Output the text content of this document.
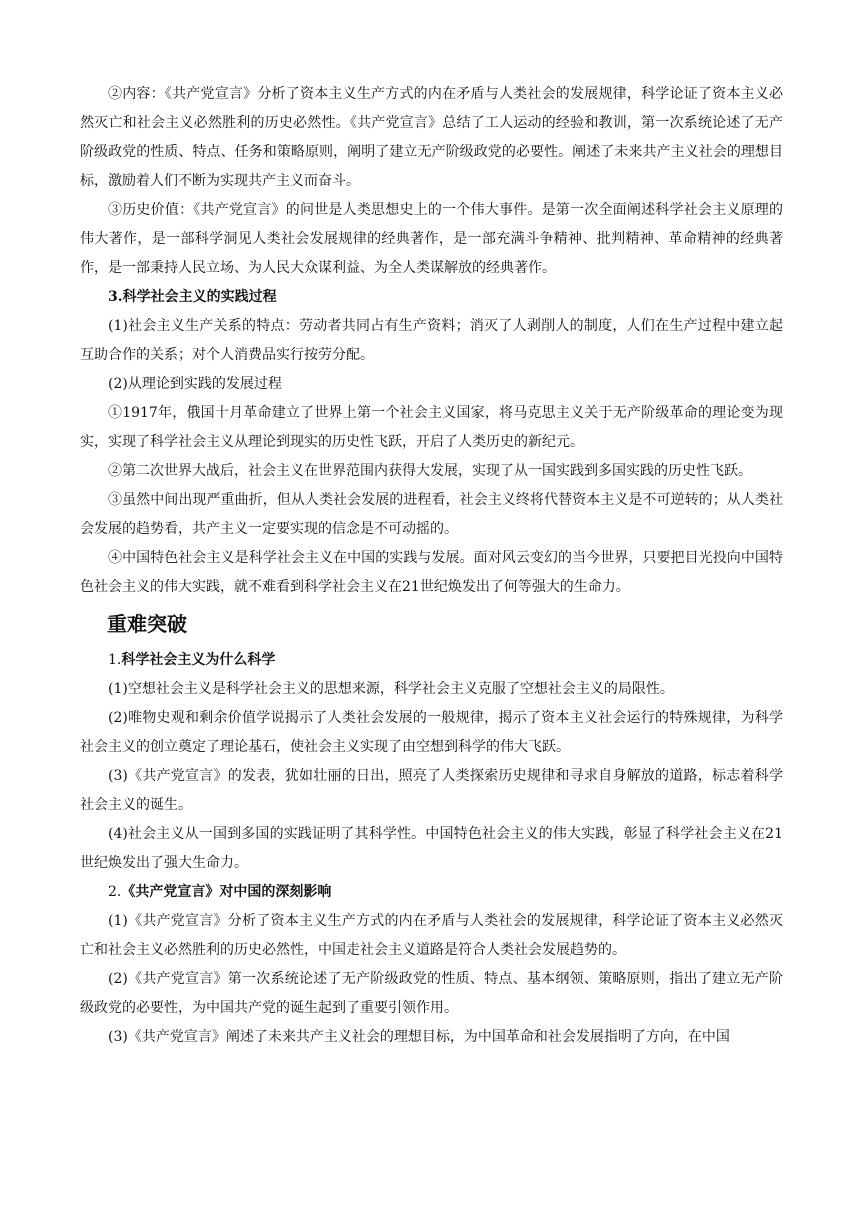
②内容：《共产党宣言》分析了资本主义生产方式的内在矛盾与人类社会的发展规律，科学论证了资本主义必然灭亡和社会主义必然胜利的历史必然性。《共产党宣言》总结了工人运动的经验和教训，第一次系统论述了无产阶级政党的性质、特点、任务和策略原则，阐明了建立无产阶级政党的必要性。阐述了未来共产主义社会的理想目标，激励着人们不断为实现共产主义而奋斗。

③历史价值：《共产党宣言》的问世是人类思想史上的一个伟大事件。是第一次全面阐述科学社会主义原理的伟大著作，是一部科学洞见人类社会发展规律的经典著作，是一部充满斗争精神、批判精神、革命精神的经典著作，是一部秉持人民立场、为人民大众谋利益、为全人类谋解放的经典著作。

3.科学社会主义的实践过程

(1)社会主义生产关系的特点：劳动者共同占有生产资料；消灭了人剥削人的制度，人们在生产过程中建立起互助合作的关系；对个人消费品实行按劳分配。

(2)从理论到实践的发展过程

①1917年，俄国十月革命建立了世界上第一个社会主义国家，将马克思主义关于无产阶级革命的理论变为现实，实现了科学社会主义从理论到现实的历史性飞跃，开启了人类历史的新纪元。

②第二次世界大战后，社会主义在世界范围内获得大发展，实现了从一国实践到多国实践的历史性飞跃。

③虽然中间出现严重曲折，但从人类社会发展的进程看，社会主义终将代替资本主义是不可逆转的；从人类社会发展的趋势看，共产主义一定要实现的信念是不可动摇的。

④中国特色社会主义是科学社会主义在中国的实践与发展。面对风云变幻的当今世界，只要把目光投向中国特色社会主义的伟大实践，就不难看到科学社会主义在21世纪焕发出了何等强大的生命力。

重难突破

1.科学社会主义为什么科学

(1)空想社会主义是科学社会主义的思想来源，科学社会主义克服了空想社会主义的局限性。

(2)唯物史观和剩余价值学说揭示了人类社会发展的一般规律，揭示了资本主义社会运行的特殊规律，为科学社会主义的创立奠定了理论基石，使社会主义实现了由空想到科学的伟大飞跃。

(3)《共产党宣言》的发表，犹如壮丽的日出，照亮了人类探索历史规律和寻求自身解放的道路，标志着科学社会主义的诞生。

(4)社会主义从一国到多国的实践证明了其科学性。中国特色社会主义的伟大实践，彰显了科学社会主义在21世纪焕发出了强大生命力。

2.《共产党宣言》对中国的深刻影响

(1)《共产党宣言》分析了资本主义生产方式的内在矛盾与人类社会的发展规律，科学论证了资本主义必然灭亡和社会主义必然胜利的历史必然性，中国走社会主义道路是符合人类社会发展趋势的。

(2)《共产党宣言》第一次系统论述了无产阶级政党的性质、特点、基本纲领、策略原则，指出了建立无产阶级政党的必要性，为中国共产党的诞生起到了重要引领作用。

(3)《共产党宣言》阐述了未来共产主义社会的理想目标，为中国革命和社会发展指明了方向，在中国
